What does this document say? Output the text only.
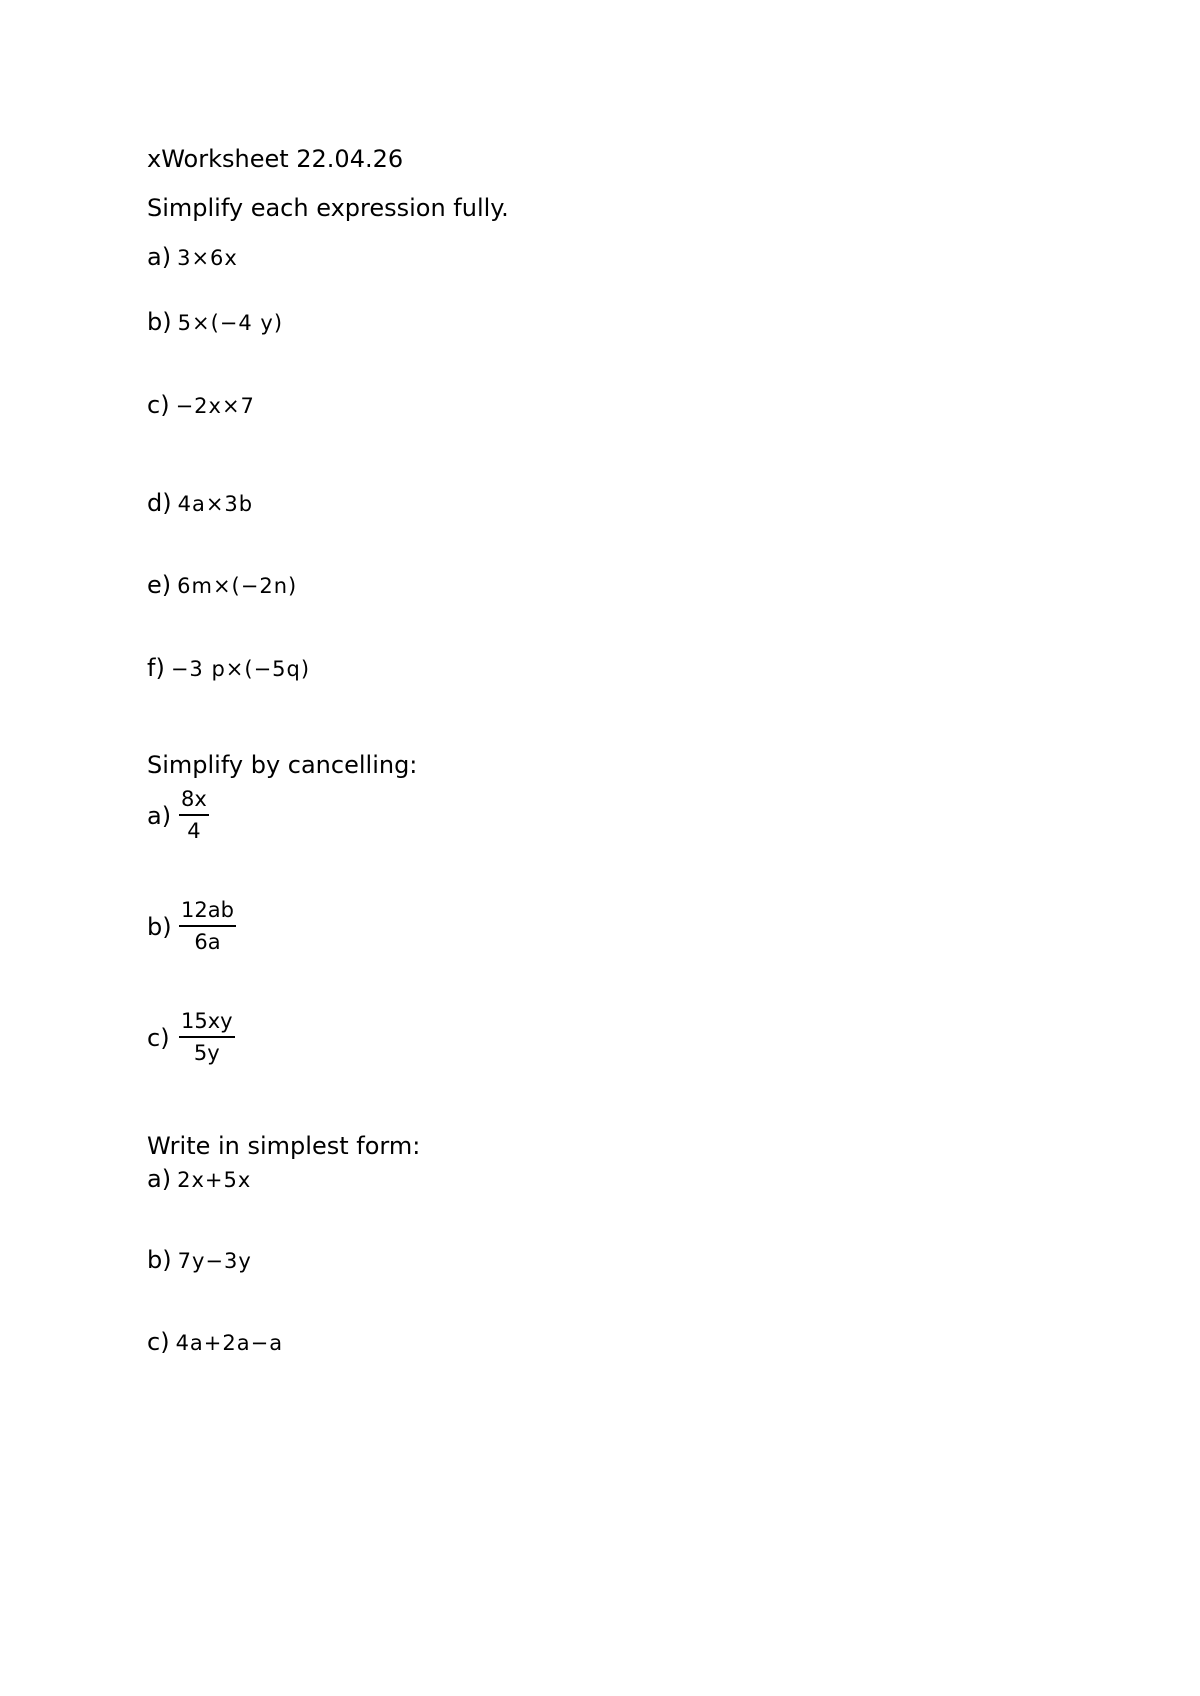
xWorksheet 22.04.26
Simplify each expression fully.
a) 3×6x
b) 5×(−4 y)
c) −2x×7
d) 4a×3b
e) 6m×(−2n)
f) −3 p×(−5q)
Simplify by cancelling:
$a) \frac{8x}{4}$
$b) \frac{12ab}{6a}$
$c) \frac{15xy}{5y}$
Write in simplest form:
a) 2x+5x
b) 7y−3y
c) 4a+2a−a
